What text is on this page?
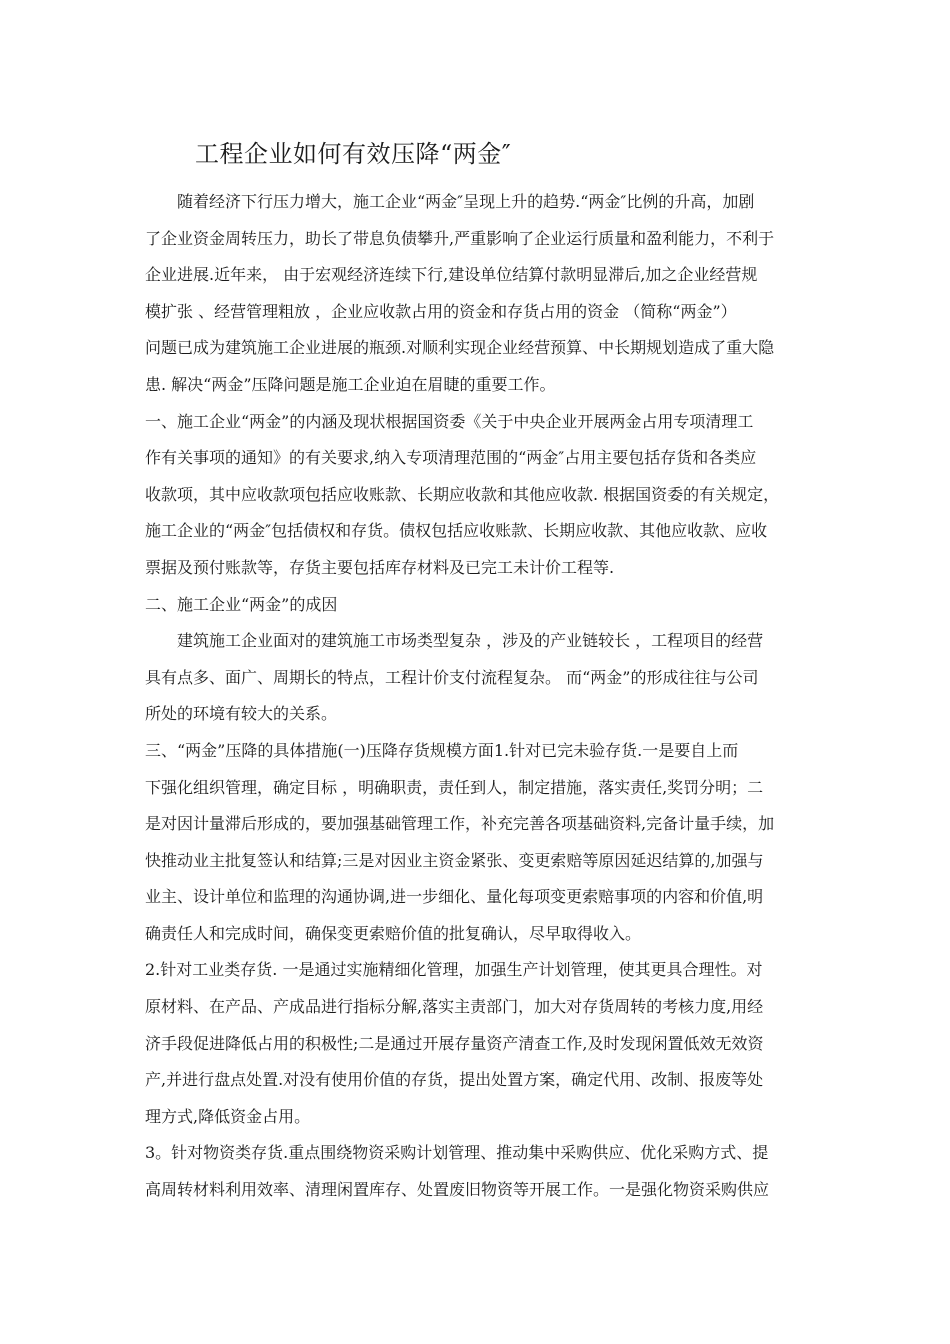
工程企业如何有效压降“两金″
随着经济下行压力增大，施工企业“两金″呈现上升的趋势.“两金″比例的升高，加剧
了企业资金周转压力，助长了带息负债攀升,严重影响了企业运行质量和盈利能力，不利于
企业进展.近年来， 由于宏观经济连续下行,建设单位结算付款明显滞后,加之企业经营规
模扩张 、经营管理粗放 ，企业应收款占用的资金和存货占用的资金 （简称“两金”）
问题已成为建筑施工企业进展的瓶颈.对顺利实现企业经营预算、中长期规划造成了重大隐
患. 解决“两金”压降问题是施工企业迫在眉睫的重要工作。
一、施工企业“两金”的内涵及现状根据国资委《关于中央企业开展两金占用专项清理工
作有关事项的通知》的有关要求,纳入专项清理范围的“两金″占用主要包括存货和各类应
收款项，其中应收款项包括应收账款、长期应收款和其他应收款. 根据国资委的有关规定，
施工企业的“两金″包括债权和存货。债权包括应收账款、长期应收款、其他应收款、应收
票据及预付账款等，存货主要包括库存材料及已完工未计价工程等.
二、施工企业“两金”的成因
建筑施工企业面对的建筑施工市场类型复杂 ，涉及的产业链较长 ，工程项目的经营
具有点多、面广、周期长的特点，工程计价支付流程复杂。 而“两金”的形成往往与公司
所处的环境有较大的关系。
三、“两金”压降的具体措施(一)压降存货规模方面1.针对已完未验存货.一是要自上而
下强化组织管理，确定目标 ，明确职责，责任到人，制定措施，落实责任,奖罚分明；二
是对因计量滞后形成的，要加强基础管理工作，补充完善各项基础资料,完备计量手续，加
快推动业主批复签认和结算;三是对因业主资金紧张、变更索赔等原因延迟结算的,加强与
业主、设计单位和监理的沟通协调,进一步细化、量化每项变更索赔事项的内容和价值,明
确责任人和完成时间，确保变更索赔价值的批复确认，尽早取得收入。
2.针对工业类存货. 一是通过实施精细化管理，加强生产计划管理，使其更具合理性。对
原材料、在产品、产成品进行指标分解,落实主责部门，加大对存货周转的考核力度,用经
济手段促进降低占用的积极性;二是通过开展存量资产清查工作,及时发现闲置低效无效资
产,并进行盘点处置.对没有使用价值的存货，提出处置方案，确定代用、改制、报废等处
理方式,降低资金占用。
3。针对物资类存货.重点围绕物资采购计划管理、推动集中采购供应、优化采购方式、提
高周转材料利用效率、清理闲置库存、处置废旧物资等开展工作。一是强化物资采购供应
